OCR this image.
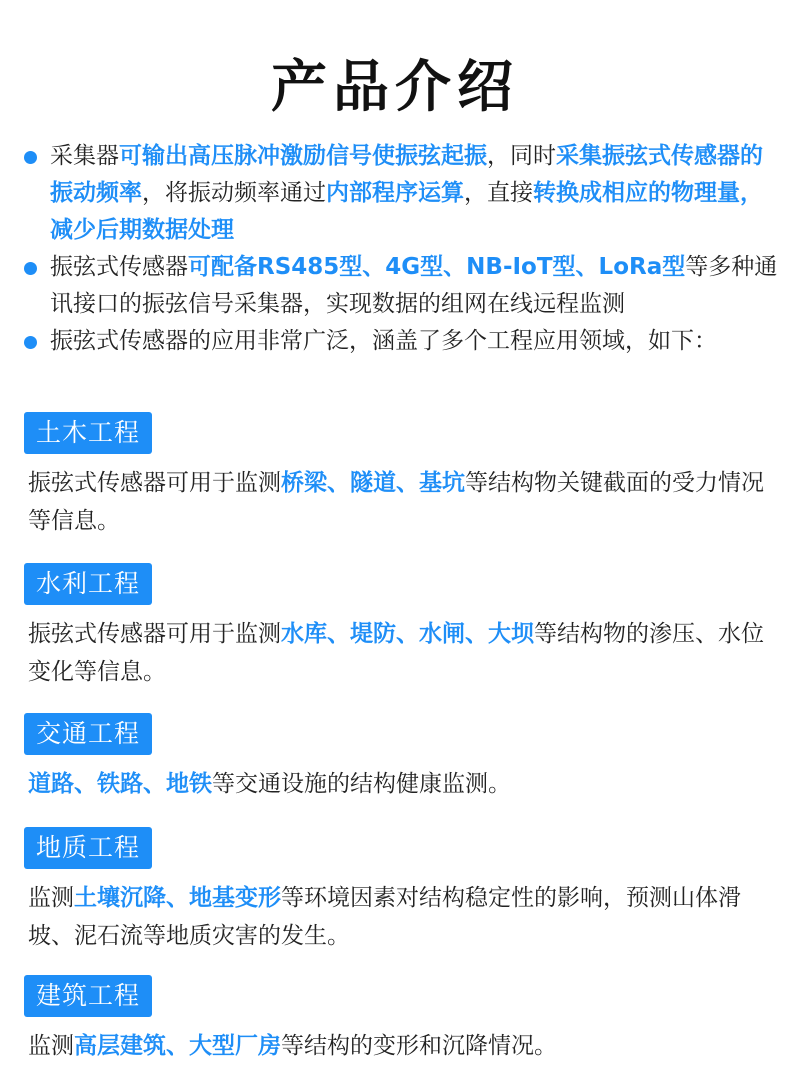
产品介绍
采集器可输出高压脉冲激励信号使振弦起振，同时采集振弦式传感器的振动频率，将振动频率通过内部程序运算，直接转换成相应的物理量，减少后期数据处理
振弦式传感器可配备RS485型、4G型、NB-IoT型、LoRa型等多种通讯接口的振弦信号采集器，实现数据的组网在线远程监测
振弦式传感器的应用非常广泛，涵盖了多个工程应用领域，如下：
土木工程
振弦式传感器可用于监测桥梁、隧道、基坑等结构物关键截面的受力情况等信息。
水利工程
振弦式传感器可用于监测水库、堤防、水闸、大坝等结构物的渗压、水位变化等信息。
交通工程
道路、铁路、地铁等交通设施的结构健康监测。
地质工程
监测土壤沉降、地基变形等环境因素对结构稳定性的影响，预测山体滑坡、泥石流等地质灾害的发生。
建筑工程
监测高层建筑、大型厂房等结构的变形和沉降情况。
